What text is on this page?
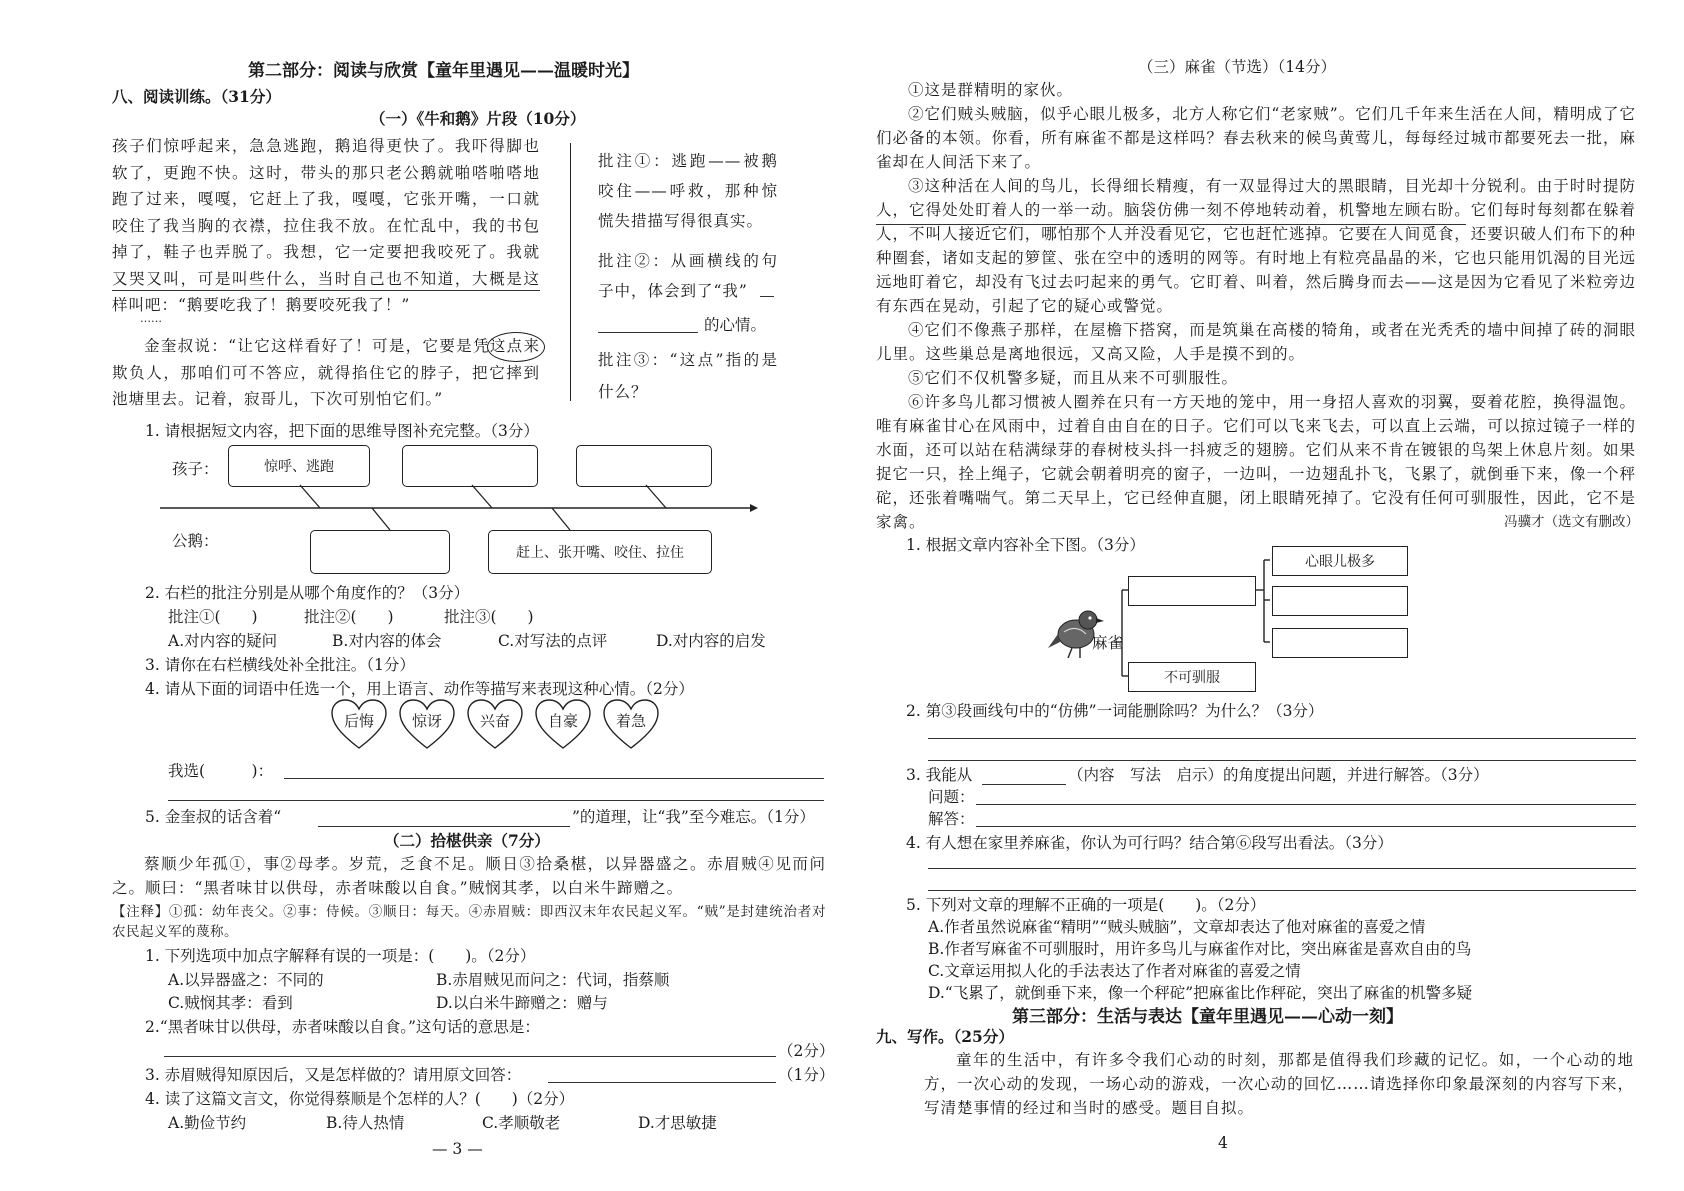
第二部分：阅读与欣赏【童年里遇见——温暖时光】
八、阅读训练。（31分）
（一）《牛和鹅》片段（10分）
孩子们惊呼起来，急急逃跑，鹅追得更快了。我吓得脚也软了，更跑不快。这时，带头的那只老公鹅就啪嗒啪嗒地跑了过来，嘎嘎，它赶上了我，嘎嘎，它张开嘴，一口就咬住了我当胸的衣襟，拉住我不放。在忙乱中，我的书包掉了，鞋子也弄脱了。我想，它一定要把我咬死了。我就又哭又叫，可是叫些什么，当时自己也不知道，大概是这样叫吧：“鹅要吃我了！鹅要咬死我了！”
……
金奎叔说：“让它这样看好了！可是，它要是凭这点来欺负人，那咱们可不答应，就得掐住它的脖子，把它摔到池塘里去。记着，寂哥儿，下次可别怕它们。”
批注①：逃跑——被鹅咬住——呼救，那种惊慌失措描写得很真实。
批注②：从画横线的句子中，体会到了“我”
的心情。
批注③：“这点”指的是什么？
1. 请根据短文内容，把下面的思维导图补充完整。（3分）
孩子：	惊呼、逃跑
公鹅：
赶上、张开嘴、咬住、拉住
2. 右栏的批注分别是从哪个角度作的？（3分）
批注①(　　)	批注②(　　)	批注③(　　)
A.对内容的疑问	B.对内容的体会	C.对写法的点评	D.对内容的启发
3. 请你在右栏横线处补全批注。（1分）
4. 请从下面的词语中任选一个，用上语言、动作等描写来表现这种心情。（2分）
后悔	惊讶	兴奋	自豪	着急
我选(　　　)：
5. 金奎叔的话含着“	”的道理，让“我”至今难忘。（1分）
（二）拾椹供亲（7分）
蔡顺少年孤①，事②母孝。岁荒，乏食不足。顺日③拾桑椹，以异器盛之。赤眉贼④见而问之。顺曰：“黑者味甘以供母，赤者味酸以自食。”贼悯其孝，以白米牛蹄赠之。
【注释】①孤：幼年丧父。②事：侍候。③顺日：每天。④赤眉贼：即西汉末年农民起义军。“贼”是封建统治者对农民起义军的蔑称。
1. 下列选项中加点字解释有误的一项是：(　　)。（2分）
A.以异器盛之：不同的	B.赤眉贼见而问之：代词，指蔡顺
C.贼悯其孝：看到	D.以白米牛蹄赠之：赠与
2.“黑者味甘以供母，赤者味酸以自食。”这句话的意思是：
（2分）
3. 赤眉贼得知原因后，又是怎样做的？请用原文回答：	（1分）
4. 读了这篇文言文，你觉得蔡顺是个怎样的人？(　　)（2分）
A.勤俭节约	B.待人热情	C.孝顺敬老	D.才思敏捷
— 3 —
（三）麻雀（节选）（14分）
①这是群精明的家伙。
②它们贼头贼脑，似乎心眼儿极多，北方人称它们“老家贼”。它们几千年来生活在人间，精明成了它们必备的本领。你看，所有麻雀不都是这样吗？春去秋来的候鸟黄莺儿，每每经过城市都要死去一批，麻雀却在人间活下来了。
③这种活在人间的鸟儿，长得细长精瘦，有一双显得过大的黑眼睛，目光却十分锐利。由于时时提防人，它得处处盯着人的一举一动。脑袋仿佛一刻不停地转动着，机警地左顾右盼。它们每时每刻都在躲着人，不叫人接近它们，哪怕那个人并没看见它，它也赶忙逃掉。它要在人间觅食，还要识破人们布下的种种圈套，诸如支起的箩筐、张在空中的透明的网等。有时地上有粒亮晶晶的米，它也只能用饥渴的目光远远地盯着它，却没有飞过去叼起来的勇气。它盯着、叫着，然后腾身而去——这是因为它看见了米粒旁边有东西在晃动，引起了它的疑心或警觉。
④它们不像燕子那样，在屋檐下搭窝，而是筑巢在高楼的犄角，或者在光秃秃的墙中间掉了砖的洞眼儿里。这些巢总是离地很远，又高又险，人手是摸不到的。
⑤它们不仅机警多疑，而且从来不可驯服性。
⑥许多鸟儿都习惯被人圈养在只有一方天地的笼中，用一身招人喜欢的羽翼，耍着花腔，换得温饱。唯有麻雀甘心在风雨中，过着自由自在的日子。它们可以飞来飞去，可以直上云端，可以掠过镜子一样的水面，还可以站在秸满绿芽的春树枝头抖一抖疲乏的翅膀。它们从来不肯在镀银的鸟架上休息片刻。如果捉它一只，拴上绳子，它就会朝着明亮的窗子，一边叫，一边翅乱扑飞，飞累了，就倒垂下来，像一个秤砣，还张着嘴喘气。第二天早上，它已经伸直腿，闭上眼睛死掉了。它没有任何可驯服性，因此，它不是家禽。	冯骥才（选文有删改）
1. 根据文章内容补全下图。（3分）
麻雀
不可驯服
心眼儿极多
2. 第③段画线句中的“仿佛”一词能删除吗？为什么？（3分）
3. 我能从	（内容　写法　启示）的角度提出问题，并进行解答。（3分）
问题：
解答：
4. 有人想在家里养麻雀，你认为可行吗？结合第⑥段写出看法。（3分）
5. 下列对文章的理解不正确的一项是(　　)。（2分）
A.作者虽然说麻雀“精明”“贼头贼脑”，文章却表达了他对麻雀的喜爱之情
B.作者写麻雀不可驯服时，用许多鸟儿与麻雀作对比，突出麻雀是喜欢自由的鸟
C.文章运用拟人化的手法表达了作者对麻雀的喜爱之情
D.“飞累了，就倒垂下来，像一个秤砣”把麻雀比作秤砣，突出了麻雀的机警多疑
第三部分：生活与表达【童年里遇见——心动一刻】
九、写作。（25分）
童年的生活中，有许多令我们心动的时刻，那都是值得我们珍藏的记忆。如，一个心动的地方，一次心动的发现，一场心动的游戏，一次心动的回忆……请选择你印象最深刻的内容写下来，写清楚事情的经过和当时的感受。题目自拟。
4
